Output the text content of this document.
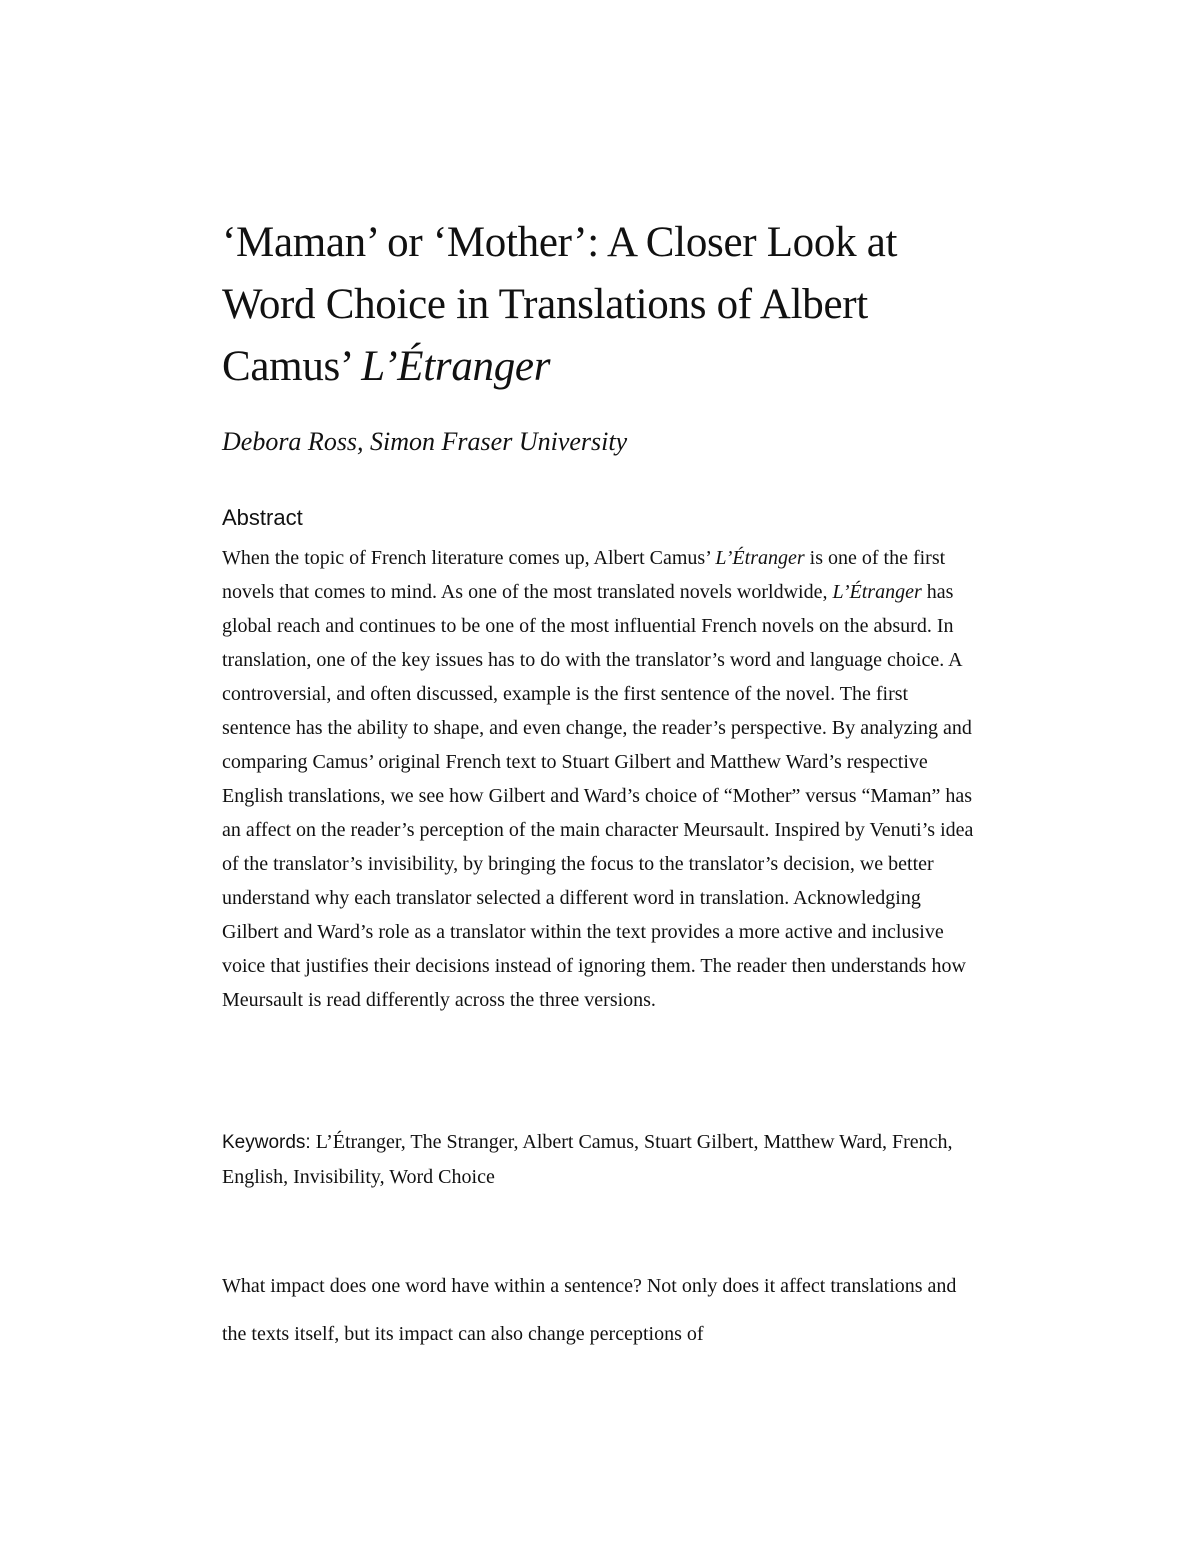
‘Maman’ or ‘Mother’: A Closer Look at
Word Choice in Translations of Albert
Camus’ L’Étranger

Debora Ross, Simon Fraser University

Abstract

When the topic of French literature comes up, Albert Camus’ L’Étranger is one of the first novels that comes to mind. As one of the most translated novels worldwide, L’Étranger has global reach and continues to be one of the most influential French novels on the absurd. In translation, one of the key issues has to do with the translator’s word and language choice. A controversial, and often discussed, example is the first sentence of the novel. The first sentence has the ability to shape, and even change, the reader’s perspective. By analyzing and comparing Camus’ original French text to Stuart Gilbert and Matthew Ward’s respective English translations, we see how Gilbert and Ward’s choice of “Mother” versus “Maman” has an affect on the reader’s perception of the main character Meursault. Inspired by Venuti’s idea of the translator’s invisibility, by bringing the focus to the translator’s decision, we better understand why each translator selected a different word in translation. Acknowledging Gilbert and Ward’s role as a translator within the text provides a more active and inclusive voice that justifies their decisions instead of ignoring them. The reader then understands how Meursault is read differently across the three versions.

Keywords: L’Étranger, The Stranger, Albert Camus, Stuart Gilbert, Matthew Ward, French, English, Invisibility, Word Choice

What impact does one word have within a sentence? Not only does it affect translations and the texts itself, but its impact can also change perceptions of
